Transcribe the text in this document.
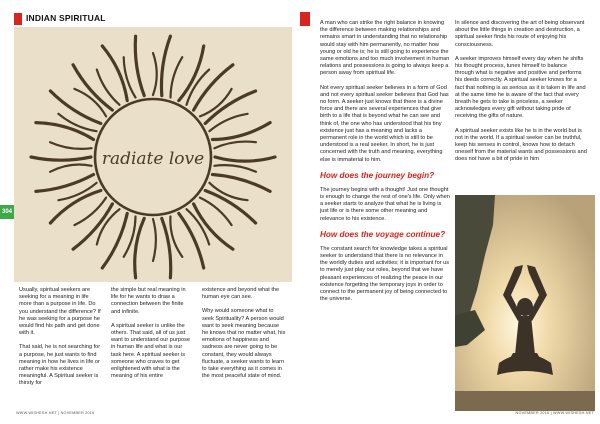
INDIAN SPIRITUAL
radiate love
304

Usually, spiritual seekers are seeking for a meaning in life more than a purpose in life. Do you understand the difference? If he was seeking for a purpose he would find his path and get done with it.

That said, he is not searching for a purpose, he just wants to find meaning in how he lives in life or rather make his existence meaningful. A Spiritual seeker is thirsty for

the simple but real meaning in life for he wants to draw a connection between the finite and infinite.

A spiritual seeker is unlike the others. That said, all of us just want to understand our purpose in human life and what is our task here. A spiritual seeker is someone who craves to get enlightened with what is the meaning of his entire

existence and beyond what the human eye can see.

Why would someone what to seek Spirituality? A person would want to seek meaning because he knows that no matter what, his emotions of happiness and sadness are never going to be constant, they would always fluctuate, a seeker wants to learn to take everything as it comes in the most peaceful state of mind.

WWW.WISHESH.NET | NOVEMBER 2016

A man who can strike the right balance in knowing the difference between making relationships and remains smart in understanding that no relationship would stay with him permanently, no matter how young or old he is; he is still going to experience the same emotions and too much involvement in human relations and possessions is going to always keep a person away from spiritual life.

Not every spiritual seeker believes in a form of God and not every spiritual seeker believes that God has no form. A seeker just knows that there is a divine force and there are several experiences that give birth to a life that is beyond what he can see and think of, the one who has understood that his tiny existence just has a meaning and lacks a permanent role in the world which is still to be understood is a real seeker. In short, he is just concerned with the truth and meaning, everything else is immaterial to him.

How does the journey begin?

The journey begins with a thought! Just one thought is enough to change the rest of one's life. Only when a seeker starts to analyze that what he is living is just life or is there some other meaning and relevance to his existence.

How does the voyage continue?

The constant search for knowledge takes a spiritual seeker to understand that there is no relevance in the worldly duties and activities; it is important for us to merely just play our roles, beyond that we have pleasant experiences of realizing the peace in our existence forgetting the temporary joys in order to connect to the permanent joy of being connected to the universe.

In silence and discovering the art of being observant about the little things in creation and destruction, a spiritual seeker finds his route of enjoying his consciousness.

A seeker improves himself every day when he shifts his thought process, tunes himself to balance through what is negative and positive and performs his deeds correctly. A spiritual seeker knows for a fact that nothing is as serious as it is taken in life and at the same time he is aware of the fact that every breath he gets to take is priceless, a seeker acknowledges every gift without taking pride of receiving the gifts of nature.

A spiritual seeker exists like he is in the world but is not in the world. If a spiritual seeker can be truthful, keep his senses in control, knows how to detach oneself from the material wants and possessions and does not have a bit of pride in him

NOVEMBER 2016 | WWW.WISHESH.NET
